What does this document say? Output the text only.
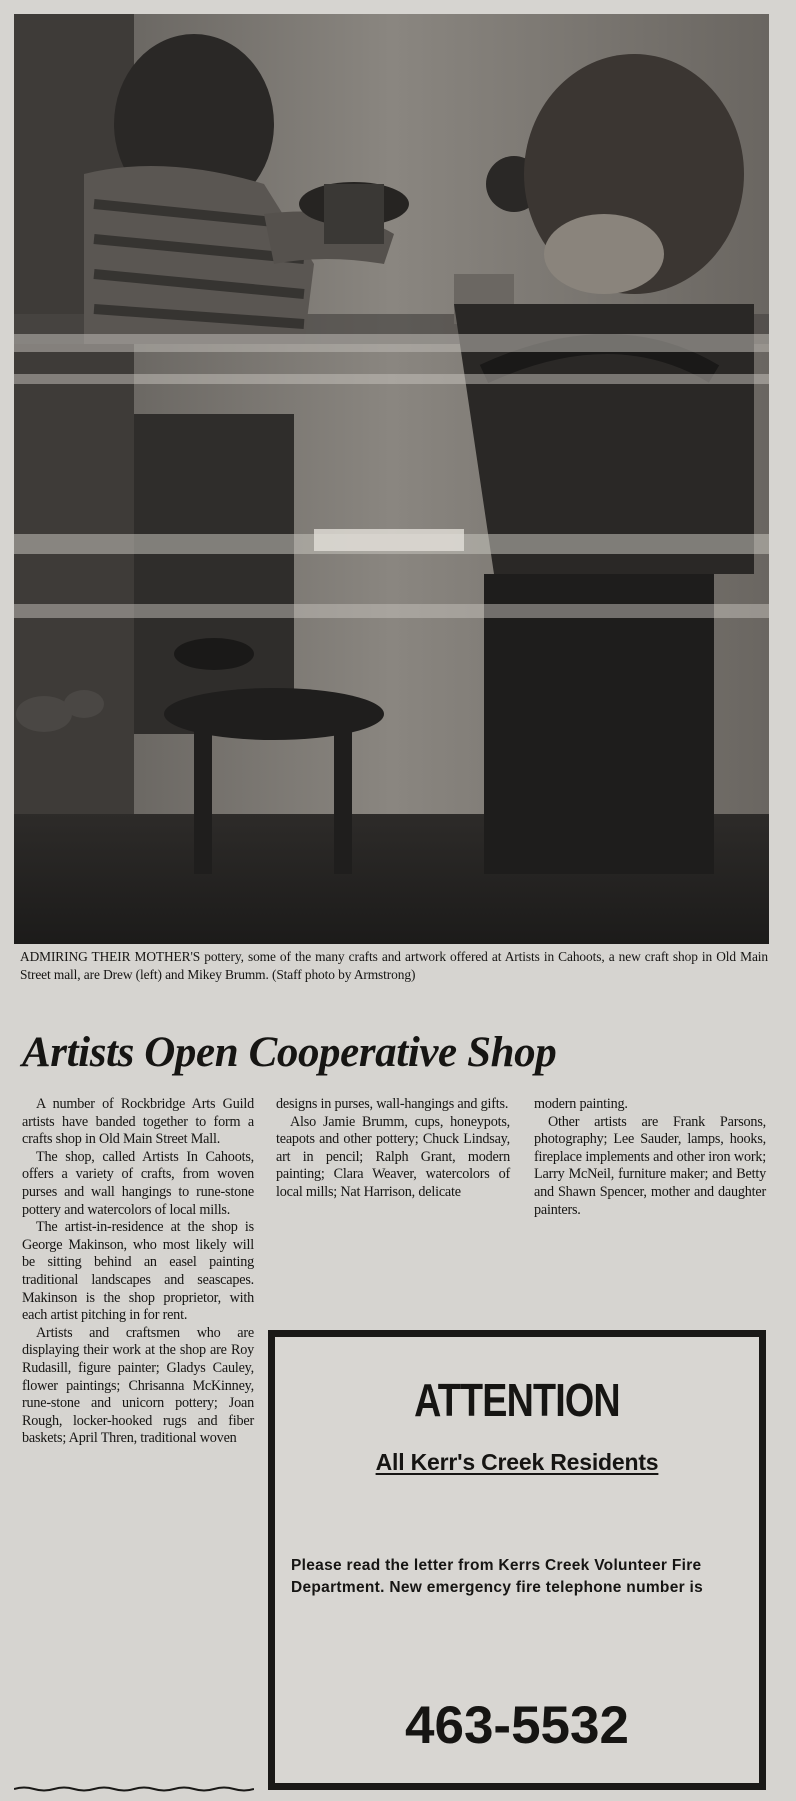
ADMIRING THEIR MOTHER'S pottery, some of the many crafts and artwork offered at Artists in Cahoots, a new craft shop in Old Main Street mall, are Drew (left) and Mikey Brumm. (Staff photo by Armstrong)
Artists Open Cooperative Shop

A number of Rockbridge Arts Guild artists have banded together to form a crafts shop in Old Main Street Mall.

The shop, called Artists In Cahoots, offers a variety of crafts, from woven purses and wall hangings to rune-stone pottery and watercolors of local mills.

The artist-in-residence at the shop is George Makinson, who most likely will be sitting behind an easel painting traditional landscapes and seascapes. Makinson is the shop proprietor, with each artist pitching in for rent.

Artists and craftsmen who are displaying their work at the shop are Roy Rudasill, figure painter; Gladys Cauley, flower paintings; Chrisanna McKinney, rune-stone and unicorn pottery; Joan Rough, locker-hooked rugs and fiber baskets; April Thren, traditional woven

designs in purses, wall-hangings and gifts.

Also Jamie Brumm, cups, honeypots, teapots and other pottery; Chuck Lindsay, art in pencil; Ralph Grant, modern painting; Clara Weaver, watercolors of local mills; Nat Harrison, delicate

modern painting.

Other artists are Frank Parsons, photography; Lee Sauder, lamps, hooks, fireplace implements and other iron work; Larry McNeil, furniture maker; and Betty and Shawn Spencer, mother and daughter painters.

ATTENTION
All Kerr's Creek Residents
Please read the letter from Kerrs Creek Volunteer Fire Department. New emergency fire telephone number is
463-5532
